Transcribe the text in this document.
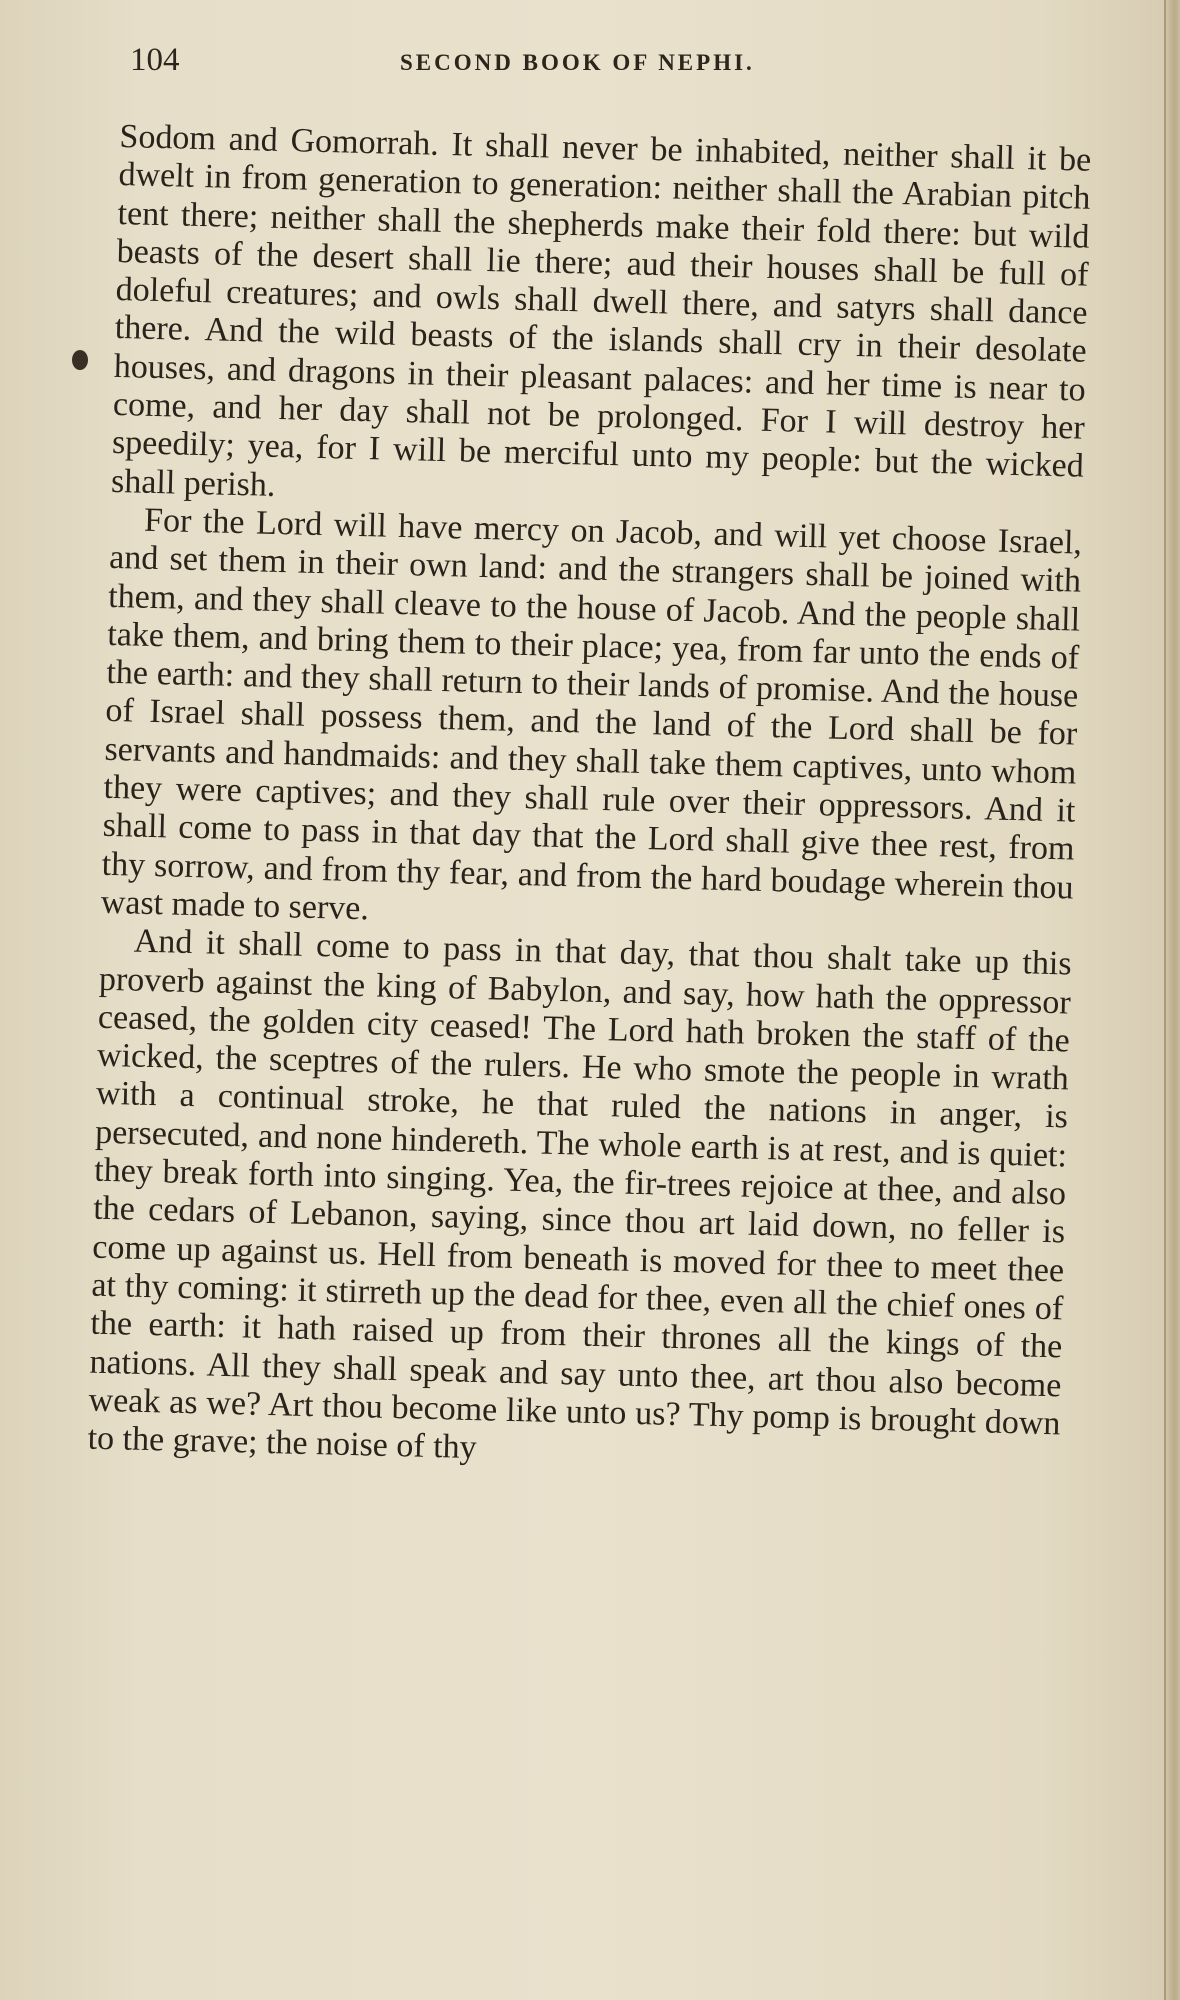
104	SECOND BOOK OF NEPHI.

Sodom and Gomorrah. It shall never be inhabited, neither shall it be dwelt in from generation to generation: neither shall the Arabian pitch tent there; neither shall the shepherds make their fold there: but wild beasts of the desert shall lie there; aud their houses shall be full of doleful creatures; and owls shall dwell there, and satyrs shall dance there. And the wild beasts of the islands shall cry in their desolate houses, and dragons in their pleasant palaces: and her time is near to come, and her day shall not be prolonged. For I will destroy her speedily; yea, for I will be merciful unto my people: but the wicked shall perish.

For the Lord will have mercy on Jacob, and will yet choose Israel, and set them in their own land: and the strangers shall be joined with them, and they shall cleave to the house of Jacob. And the people shall take them, and bring them to their place; yea, from far unto the ends of the earth: and they shall return to their lands of promise. And the house of Israel shall possess them, and the land of the Lord shall be for servants and handmaids: and they shall take them captives, unto whom they were captives; and they shall rule over their oppressors. And it shall come to pass in that day that the Lord shall give thee rest, from thy sorrow, and from thy fear, and from the hard boudage wherein thou wast made to serve.

And it shall come to pass in that day, that thou shalt take up this proverb against the king of Babylon, and say, how hath the oppressor ceased, the golden city ceased! The Lord hath broken the staff of the wicked, the sceptres of the rulers. He who smote the people in wrath with a continual stroke, he that ruled the nations in anger, is persecuted, and none hindereth. The whole earth is at rest, and is quiet: they break forth into singing. Yea, the fir-trees rejoice at thee, and also the cedars of Lebanon, saying, since thou art laid down, no feller is come up against us. Hell from beneath is moved for thee to meet thee at thy coming: it stirreth up the dead for thee, even all the chief ones of the earth: it hath raised up from their thrones all the kings of the nations. All they shall speak and say unto thee, art thou also become weak as we? Art thou become like unto us? Thy pomp is brought down to the grave; the noise of thy
